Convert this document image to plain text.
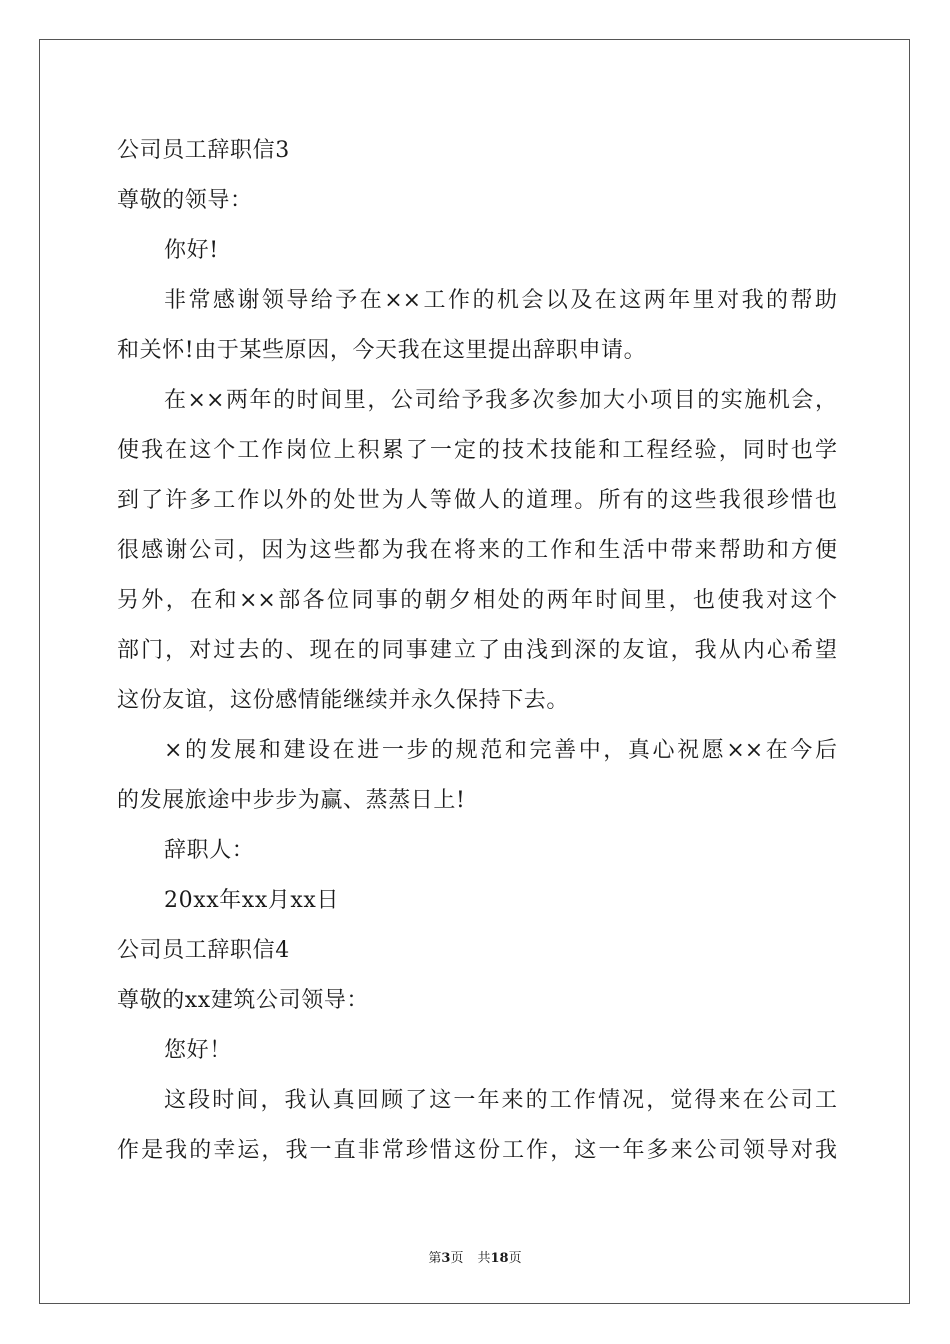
公司员工辞职信3
尊敬的领导：
你好!
非常感谢领导给予在××工作的机会以及在这两年里对我的帮助
和关怀!由于某些原因，今天我在这里提出辞职申请。
在××两年的时间里，公司给予我多次参加大小项目的实施机会，
使我在这个工作岗位上积累了一定的技术技能和工程经验，同时也学
到了许多工作以外的处世为人等做人的道理。所有的这些我很珍惜也
很感谢公司，因为这些都为我在将来的工作和生活中带来帮助和方便
另外，在和××部各位同事的朝夕相处的两年时间里，也使我对这个
部门，对过去的、现在的同事建立了由浅到深的友谊，我从内心希望
这份友谊，这份感情能继续并永久保持下去。
×的发展和建设在进一步的规范和完善中，真心祝愿××在今后
的发展旅途中步步为赢、蒸蒸日上!
辞职人：
20xx年xx月xx日
公司员工辞职信4
尊敬的xx建筑公司领导：
您好！
这段时间，我认真回顾了这一年来的工作情况，觉得来在公司工
作是我的幸运，我一直非常珍惜这份工作，这一年多来公司领导对我
第3页 共18页
